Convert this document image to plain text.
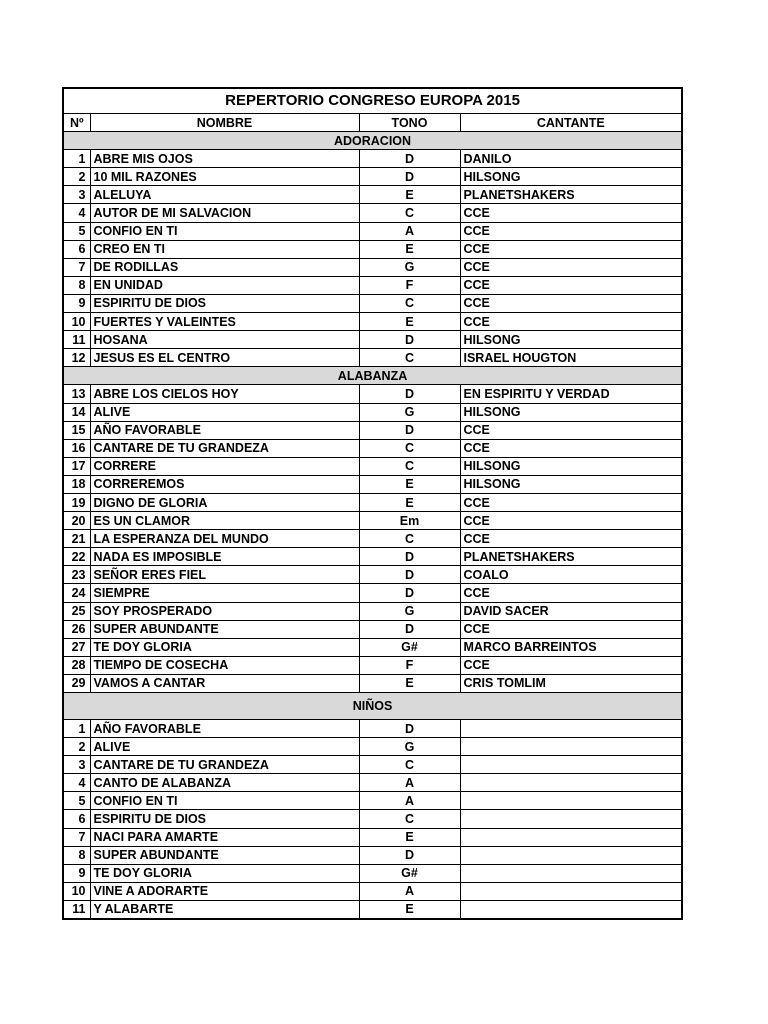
REPERTORIO CONGRESO EUROPA 2015			
Nº	NOMBRE	TONO	CANTANTE
ADORACION			
1	ABRE MIS OJOS	D	DANILO
2	10 MIL RAZONES	D	HILSONG
3	ALELUYA	E	PLANETSHAKERS
4	AUTOR DE MI SALVACION	C	CCE
5	CONFIO EN TI	A	CCE
6	CREO EN TI	E	CCE
7	DE RODILLAS	G	CCE
8	EN UNIDAD	F	CCE
9	ESPIRITU DE DIOS	C	CCE
10	FUERTES Y VALEINTES	E	CCE
11	HOSANA	D	HILSONG
12	JESUS ES EL CENTRO	C	ISRAEL HOUGTON
ALABANZA			
13	ABRE LOS CIELOS HOY	D	EN ESPIRITU Y VERDAD
14	ALIVE	G	HILSONG
15	AÑO FAVORABLE	D	CCE
16	CANTARE DE TU GRANDEZA	C	CCE
17	CORRERE	C	HILSONG
18	CORREREMOS	E	HILSONG
19	DIGNO DE GLORIA	E	CCE
20	ES UN CLAMOR	Em	CCE
21	LA ESPERANZA DEL MUNDO	C	CCE
22	NADA ES IMPOSIBLE	D	PLANETSHAKERS
23	SEÑOR ERES FIEL	D	COALO
24	SIEMPRE	D	CCE
25	SOY PROSPERADO	G	DAVID SACER
26	SUPER ABUNDANTE	D	CCE
27	TE DOY GLORIA	G#	MARCO BARREINTOS
28	TIEMPO DE COSECHA	F	CCE
29	VAMOS A CANTAR	E	CRIS TOMLIM
NIÑOS			
1	AÑO FAVORABLE	D	
2	ALIVE	G	
3	CANTARE DE TU GRANDEZA	C	
4	CANTO DE ALABANZA	A	
5	CONFIO EN TI	A	
6	ESPIRITU DE DIOS	C	
7	NACI PARA AMARTE	E	
8	SUPER ABUNDANTE	D	
9	TE DOY GLORIA	G#	
10	VINE A ADORARTE	A	
11	Y ALABARTE	E	
